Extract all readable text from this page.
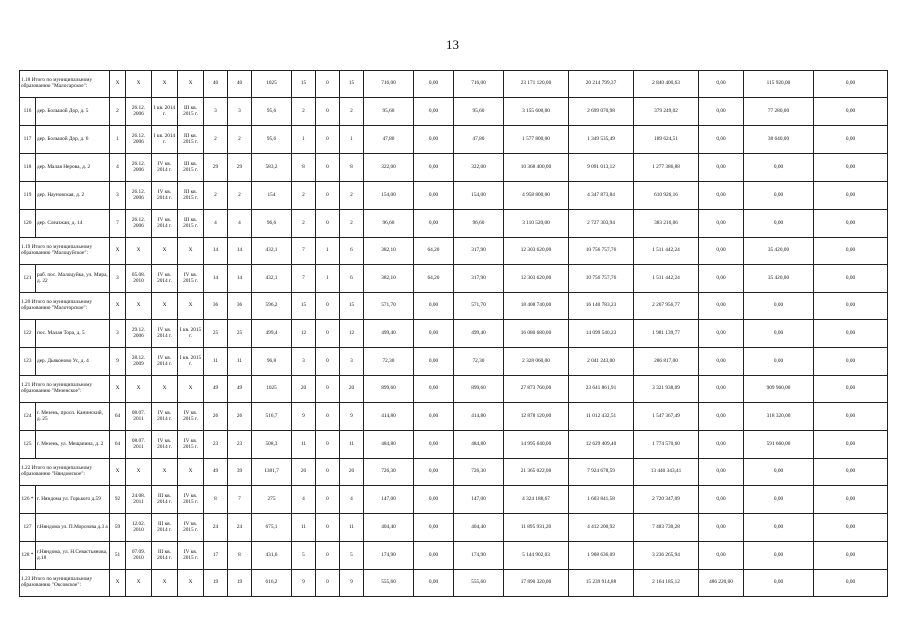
13
1.18 Итого по муниципальному образованию "Малосарское":		X	X	X	X	40	40	1025	15	0	15	716,00	0,00	716,00	23 171 120,00	20 214 799,37	2 840 400,63	0,00	115 920,00	0,00
116	дер. Большой Дор, д. 5	2	26.12. 2006	I кв. 2014 г.	III кв. 2015 г.	3	3	95,6	2	0	2	95,60	0,00	95,60	3 155 600,00	2 699 070,98	379 249,02	0,00	77 280,00	0,00
117	дер. Большой Дор, д. 6	1	26.12. 2006	I кв. 2014 г.	III кв. 2015 г.	2	2	95,6	1	0	1	47,80	0,00	47,80	1 577 800,00	1 349 535,49	189 624,51	0,00	38 640,00	0,00
118	дер. Малая Нерова, д. 2	4	26.12. 2006	IV кв. 2014 г.	III кв. 2015 г.	29	29	583,2	8	0	8	322,00	0,00	322,00	10 368 400,00	9 091 013,12	1 277 386,88	0,00	0,00	0,00
119	дер. Науновская, д. 2	3	26.12. 2006	IV кв. 2014 г.	III кв. 2015 г.	2	2	154	2	0	2	154,00	0,00	154,00	4 958 800,00	4 347 873,84	610 926,16	0,00	0,00	0,00
120	дер. Слеазжан, д. 14	7	26.12. 2006	IV кв. 2014 г.	III кв. 2015 г.	4	4	96,6	2	0	2	96,60	0,00	96,60	3 110 520,00	2 727 303,94	383 216,06	0,00	0,00	0,00
1.19 Итого по муниципальному образованию "Малоцуйское":		X	X	X	X	14	14	432,1	7	1	6	382,10	64,20	317,90	12 303 620,00	10 756 757,76	1 511 442,24	0,00	35 420,00	0,00
121	раб. пос. Малоцуйка, ул. Мира, д. 22	3	05.08. 2010	IV кв. 2014 г.	IV кв. 2015 г.	14	14	432,1	7	1	6	382,10	64,20	317,90	12 303 620,00	10 756 757,76	1 511 442,24	0,00	35 420,00	0,00
1.20 Итого по муниципальному образованию "Малоторское":		X	X	X	X	36	36	596,2	15	0	15	571,70	0,00	571,70	18 408 740,00	16 140 783,23	2 267 956,77	0,00	0,00	0,00
122	пос. Малая Тора, д. 5	3	29.12. 2006	IV кв. 2014 г.	I кв. 2015 г.	25	25	499,4	12	0	12	499,40	0,00	499,40	16 080 680,00	14 099 540,23	1 981 139,77	0,00	0,00	0,00
123	дер. Дьяконово Ус, д. 4	9	28.12. 2009	IV кв. 2014 г.	I кв. 2015 г.	11	11	96,8	3	0	3	72,30	0,00	72,30	2 328 060,00	2 041 243,00	286 817,00	0,00	0,00	0,00
1.21 Итого по муниципальному образованию "Мезенское":		X	X	X	X	49	49	1025	20	0	20	899,60	0,00	899,60	27 873 760,00	23 641 861,91	3 321 938,09	0,00	909 960,00	0,00
124	г. Мезень, просп. Канинский, д. 25	64	08.07. 2011	IV кв. 2014 г.	IV кв. 2015 г.	26	26	516,7	9	0	9	414,80	0,00	414,80	12 878 120,00	11 012 432,51	1 547 367,49	0,00	318 320,00	0,00
125	г. Мезень, ул. Мещанина, д. 2	64	08.07. 2011	IV кв. 2014 г.	IV кв. 2015 г.	23	23	508,3	11	0	11	484,80	0,00	484,80	14 995 640,00	12 629 409,40	1 774 570,60	0,00	591 660,00	0,00
1.22 Итого по муниципальному образованию "Няндомское":		X	X	X	X	49	39	1381,7	20	0	20	726,30	0,00	726,30	21 365 022,00	7 924 678,59	13 440 343,41	0,00	0,00	0,00
126 *	г. Няндома ул. Горького д.59	92	24.08. 2011	III кв. 2014 г.	IV кв. 2015 г.	8	7	275	4	0	4	147,00	0,00	147,00	4 324 188,67	1 603 841,58	2 720 347,09	0,00	0,00	0,00
127	г.Няндома ул. П.Морозова д.3 а	59	12.02. 2010	III кв. 2014 г.	IV кв. 2015 г.	24	24	675,1	11	0	11	404,40	0,00	404,40	11 895 931,20	4 412 200,92	7 483 730,28	0,00	0,00	0,00
128 *	г.Няндома, ул. Н.Севастьянова, д.18	51	07.09. 2010	III кв. 2014 г.	IV кв. 2015 г.	17	8	431,6	5	0	5	174,90	0,00	174,90	5 144 902,03	1 908 636,09	3 236 265,94	0,00	0,00	0,00
1.23 Итого по муниципальному образованию "Оксовское":		X	X	X	X	19	19	616,2	9	0	9	555,60	0,00	555,60	17 890 320,00	15 239 914,88	2 164 185,12	486 220,00	0,00	0,00
